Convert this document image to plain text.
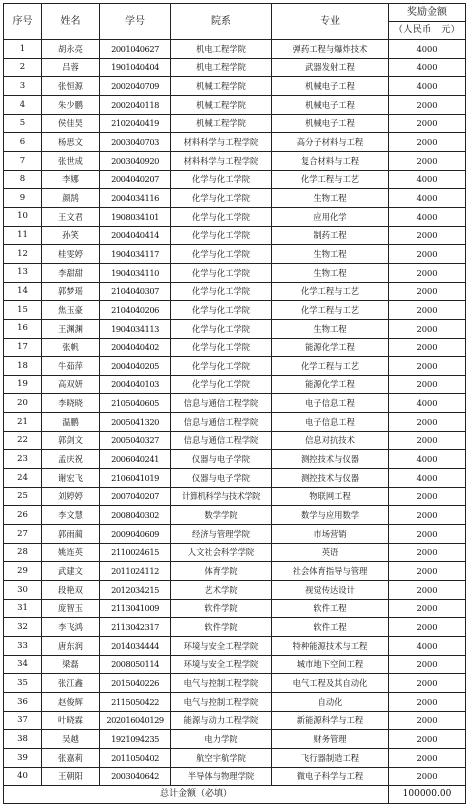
序号	姓名	学号	院系	专业	奖励金额
					（人民币　元）
1	胡永亮	2001040627	机电工程学院	弹药工程与爆炸技术	4000
2	吕蓉	1901040404	机电工程学院	武器发射工程	4000
3	张恒源	2002040709	机械工程学院	机械电子工程	4000
4	朱少鹏	2002040118	机械工程学院	机械电子工程	2000
5	侯佳昊	2102040419	机械工程学院	机械电子工程	2000
6	杨思文	2003040703	材料科学与工程学院	高分子材料与工程	2000
7	张世成	2003040920	材料科学与工程学院	复合材料与工程	2000
8	李娜	2004040207	化学与化工学院	化学工程与工艺	4000
9	颜鹄	2004034116	化学与化工学院	生物工程	4000
10	王文君	1908034101	化学与化工学院	应用化学	4000
11	孙笑	2004040414	化学与化工学院	制药工程	2000
12	桂雯婷	1904034117	化学与化工学院	生物工程	2000
13	李甜甜	1904034110	化学与化工学院	生物工程	2000
14	郭梦瑶	2104040307	化学与化工学院	化学工程与工艺	2000
15	焦玉豪	2104040206	化学与化工学院	化学工程与工艺	2000
16	王渊渊	1904034113	化学与化工学院	生物工程	2000
17	张帆	2004040402	化学与化工学院	能源化学工程	2000
18	牛茹萍	2004040205	化学与化工学院	化学工程与工艺	2000
19	高双妍	2004040103	化学与化工学院	能源化学工程	2000
20	李晓晓	2105040605	信息与通信工程学院	电子信息工程	4000
21	温鹏	2005041320	信息与通信工程学院	电子信息工程	2000
22	郭剑文	2005040327	信息与通信工程学院	信息对抗技术	2000
23	孟庆祝	2006040241	仪器与电子学院	测控技术与仪器	4000
24	谢宏飞	2106041019	仪器与电子学院	测控技术与仪器	4000
25	刘婷婷	2007040207	计算机科学与技术学院	物联网工程	2000
26	李文慧	2008040302	数学学院	数学与应用数学	2000
27	郭雨蔺	2009040609	经济与管理学院	市场营销	2000
28	姚连英	2110024615	人文社会科学学院	英语	2000
29	武建文	2011024112	体育学院	社会体育指导与管理	2000
30	段艳双	2012034215	艺术学院	视觉传达设计	2000
31	庞智玉	2113041009	软件学院	软件工程	2000
32	李飞鸿	2113042317	软件学院	软件工程	2000
33	唐东润	2014034444	环境与安全工程学院	特种能源技术与工程	4000
34	梁磊	2008050114	环境与安全工程学院	城市地下空间工程	2000
35	张江鑫	2015040226	电气与控制工程学院	电气工程及其自动化	2000
36	赵俊辉	2115050422	电气与控制工程学院	自动化	2000
37	叶晓霖	202016040129	能源与动力工程学院	新能源科学与工程	2000
38	吴越	1921094235	电力学院	财务管理	2000
39	张嘉莉	2011050402	航空宇航学院	飞行器制造工程	2000
40	王朝阳	2003040642	半导体与物理学院	微电子科学与工程	2000
总计金额（必填）					100000.00
